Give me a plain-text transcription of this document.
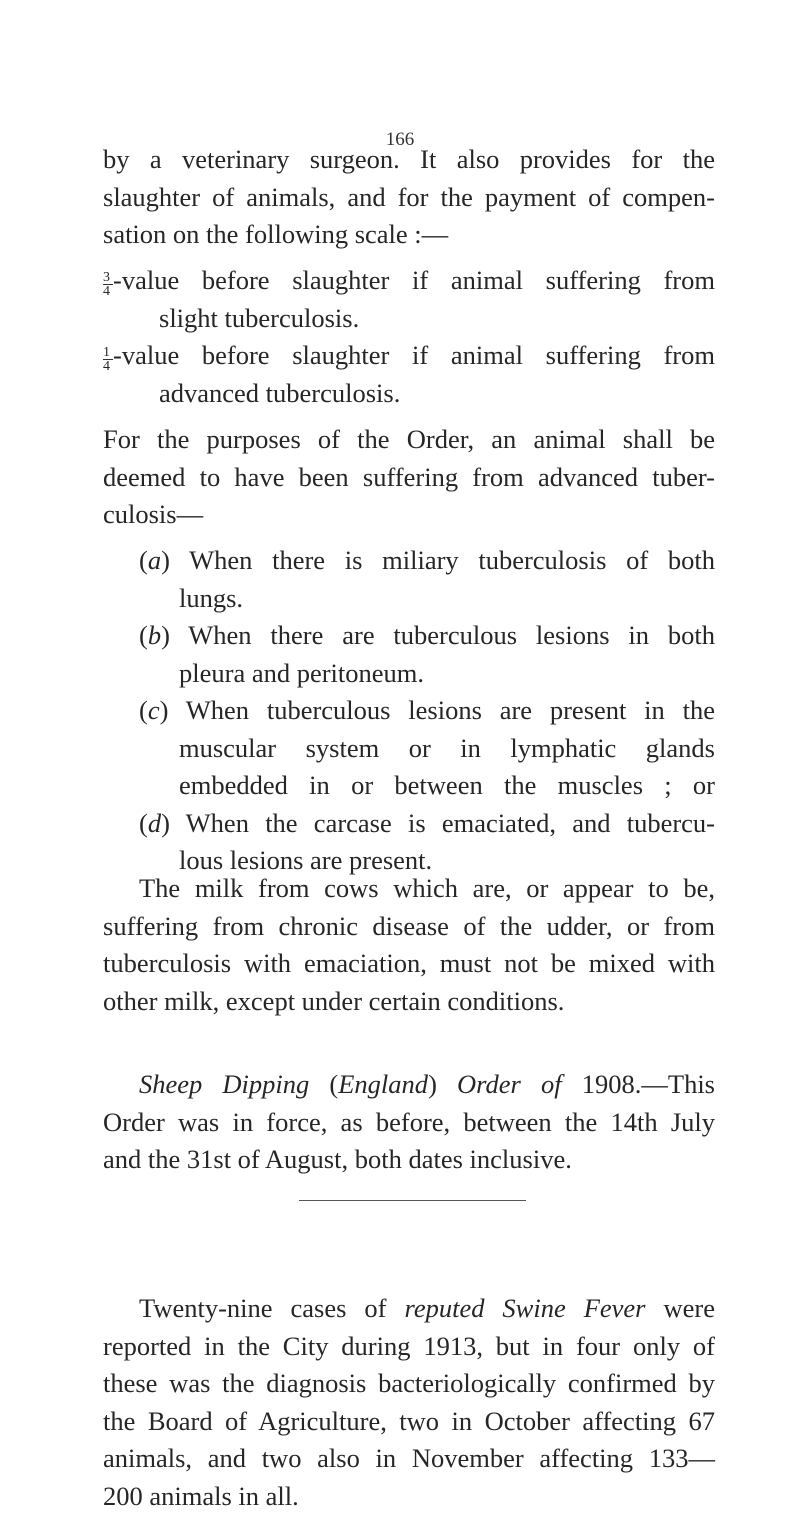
166
by a veterinary surgeon. It also provides for the
slaughter of animals, and for the payment of compen-
sation on the following scale :—
$\frac{3}{4}$ -value before slaughter if animal suffering from
slight tuberculosis.
$\frac{1}{4}$ -value before slaughter if animal suffering from
advanced tuberculosis.
For the purposes of the Order, an animal shall be
deemed to have been suffering from advanced tuber-
culosis—
(a) When there is miliary tuberculosis of both
lungs.
(b) When there are tuberculous lesions in both
pleura and peritoneum.
(c) When tuberculous lesions are present in the
muscular system or in lymphatic glands
embedded in or between the muscles ; or
(d) When the carcase is emaciated, and tubercu-
lous lesions are present.
The milk from cows which are, or appear to be,
suffering from chronic disease of the udder, or from
tuberculosis with emaciation, must not be mixed with
other milk, except under certain conditions.
Sheep Dipping (England) Order of 1908.—This
Order was in force, as before, between the 14th July
and the 31st of August, both dates inclusive.
Twenty-nine cases of reputed Swine Fever were
reported in the City during 1913, but in four only of
these was the diagnosis bacteriologically confirmed by
the Board of Agriculture, two in October affecting 67
animals, and two also in November affecting 133—
200 animals in all.
